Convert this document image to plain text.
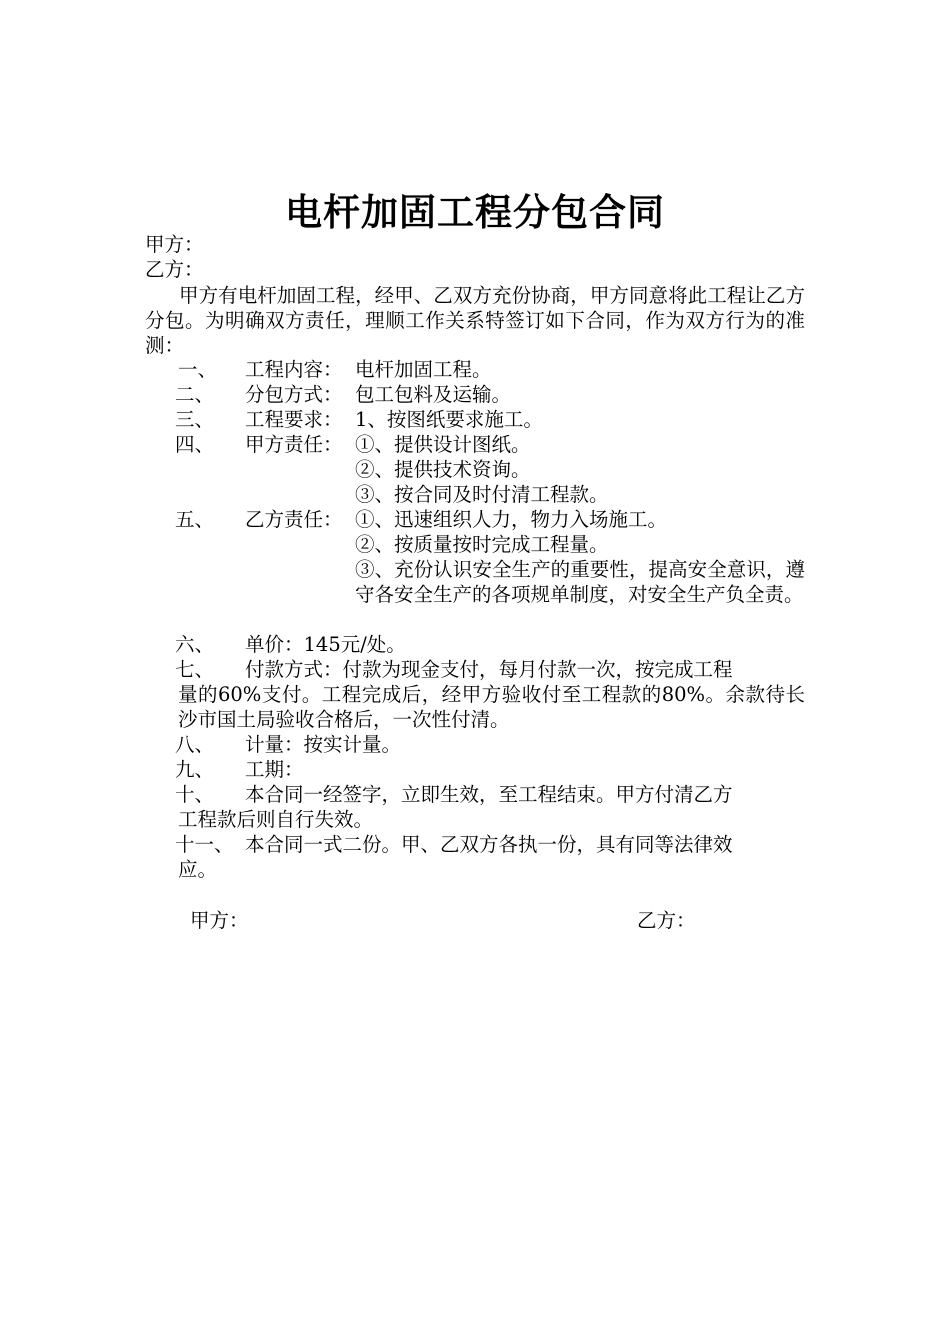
电杆加固工程分包合同
甲方：
乙方：
甲方有电杆加固工程，经甲、乙双方充份协商，甲方同意将此工程让乙方分包。为明确双方责任，理顺工作关系特签订如下合同，作为双方行为的准测：
一、 工程内容： 电杆加固工程。
二、 分包方式： 包工包料及运输。
三、 工程要求： 1、按图纸要求施工。
四、 甲方责任： ①、提供设计图纸。
②、提供技术资询。
③、按合同及时付清工程款。
五、 乙方责任： ①、迅速组织人力，物力入场施工。
②、按质量按时完成工程量。
③、充份认识安全生产的重要性，提高安全意识，遵守各安全生产的各项规单制度，对安全生产负全责。
六、 单价：145元/处。
七、 付款方式：付款为现金支付，每月付款一次，按完成工程
量的60%支付。工程完成后，经甲方验收付至工程款的80%。余款待长沙市国土局验收合格后，一次性付清。
八、 计量：按实计量。
九、 工期：
十、 本合同一经签字，立即生效，至工程结束。甲方付清乙方
工程款后则自行失效。
十一、 本合同一式二份。甲、乙双方各执一份，具有同等法律效
应。
甲方：	乙方：
